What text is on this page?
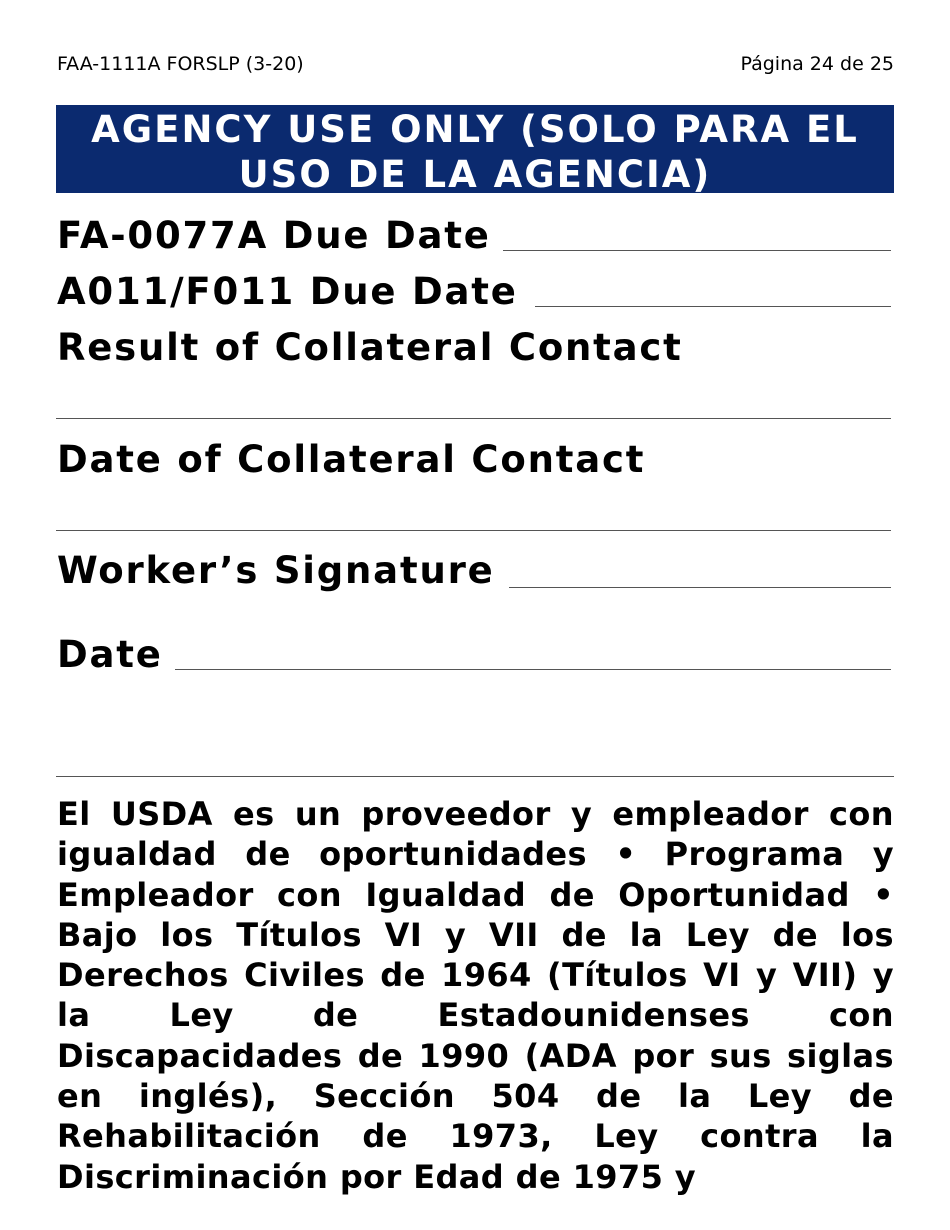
FAA-1111A FORSLP (3-20)	Página 24 de 25
AGENCY USE ONLY (SOLO PARA EL
USO DE LA AGENCIA)
FA-0077A Due Date
A011/F011 Due Date
Result of Collateral Contact
Date of Collateral Contact
Worker’s Signature
Date
El USDA es un proveedor y empleador con igualdad de oportunidades • Programa y Empleador con Igualdad de Oportunidad • Bajo los Títulos VI y VII de la Ley de los Derechos Civiles de 1964 (Títulos VI y VII) y la Ley de Estadounidenses con Discapacidades de 1990 (ADA por sus siglas en inglés), Sección 504 de la Ley de Rehabilitación de 1973, Ley contra la Discriminación por Edad de 1975 y
